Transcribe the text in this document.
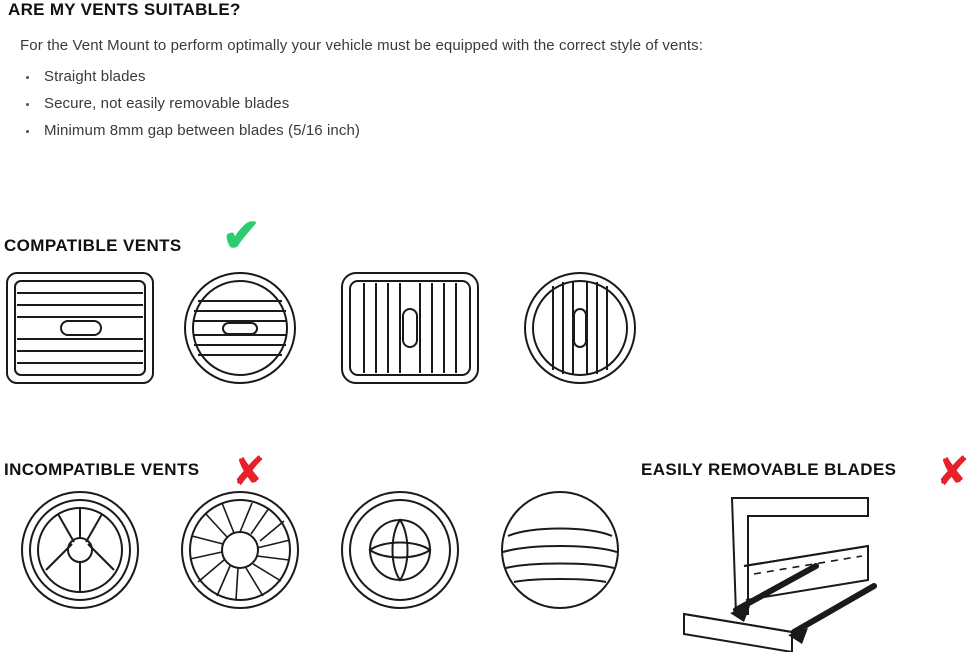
ARE MY VENTS SUITABLE?
For the Vent Mount to perform optimally your vehicle must be equipped with the correct style of vents:
Straight blades
Secure, not easily removable blades
Minimum 8mm gap between blades (5/16 inch)
COMPATIBLE VENTS ✔
INCOMPATIBLE VENTS ✘	EASILY REMOVABLE BLADES ✘
